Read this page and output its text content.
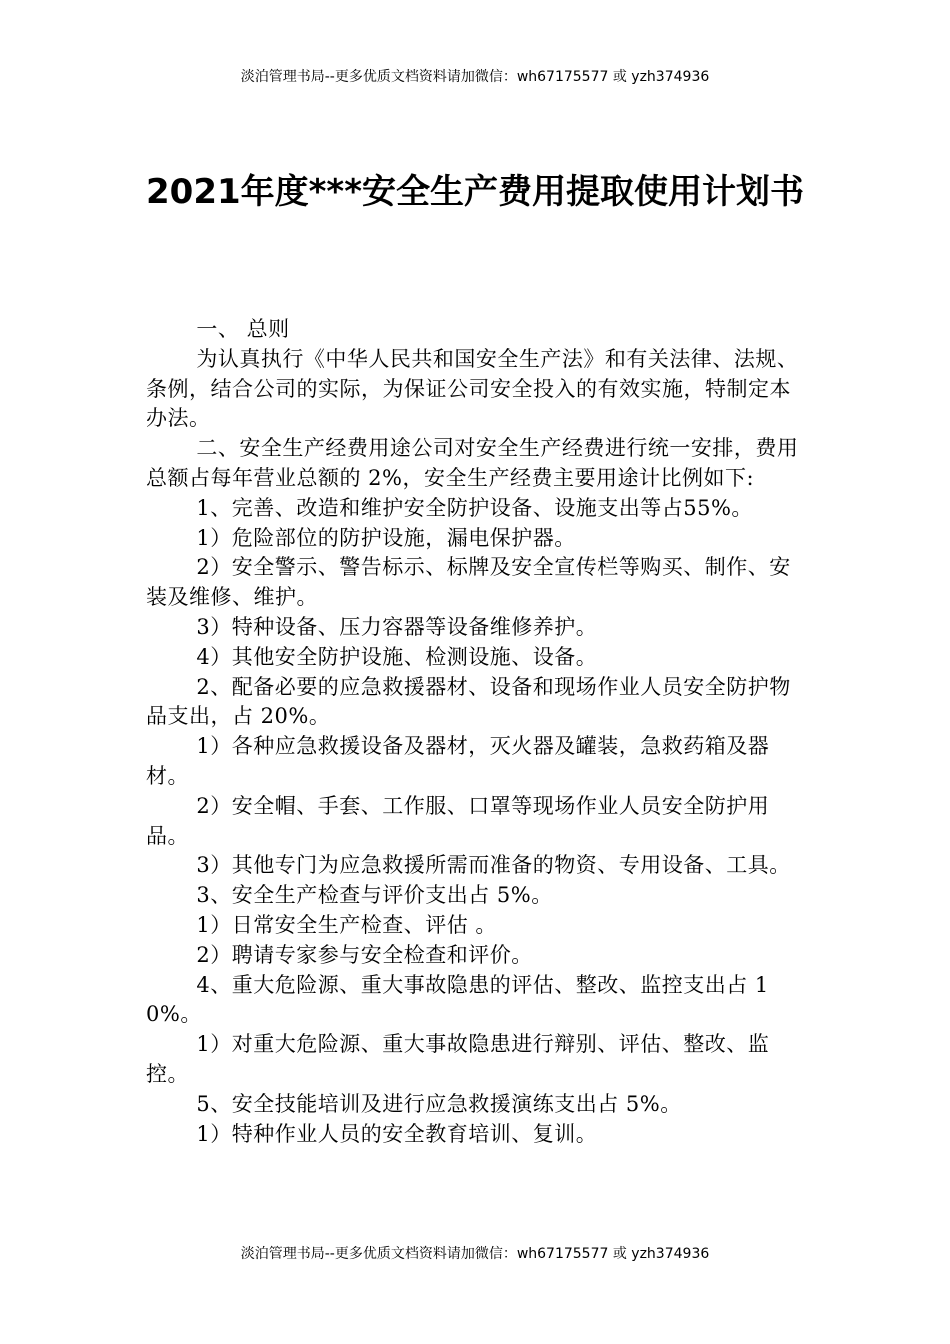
淡泊管理书局--更多优质文档资料请加微信：wh67175577 或 yzh374936
2021年度***安全生产费用提取使用计划书

一、 总则

为认真执行《中华人民共和国安全生产法》和有关法律、法规、条例，结合公司的实际，为保证公司安全投入的有效实施，特制定本办法。

二、安全生产经费用途公司对安全生产经费进行统一安排，费用总额占每年营业总额的 2%，安全生产经费主要用途计比例如下:

1、完善、改造和维护安全防护设备、设施支出等占55%。

1）危险部位的防护设施，漏电保护器。

2）安全警示、警告标示、标牌及安全宣传栏等购买、制作、安装及维修、维护。

3）特种设备、压力容器等设备维修养护。

4）其他安全防护设施、检测设施、设备。

2、配备必要的应急救援器材、设备和现场作业人员安全防护物品支出，占 20%。

1）各种应急救援设备及器材，灭火器及罐装，急救药箱及器材。

2）安全帽、手套、工作服、口罩等现场作业人员安全防护用品。

3）其他专门为应急救援所需而准备的物资、专用设备、工具。

3、安全生产检查与评价支出占 5%。

1）日常安全生产检查、评估 。

2）聘请专家参与安全检查和评价。

4、重大危险源、重大事故隐患的评估、整改、监控支出占 10%。

1）对重大危险源、重大事故隐患进行辩别、评估、整改、监控。

5、安全技能培训及进行应急救援演练支出占 5%。

1）特种作业人员的安全教育培训、复训。

淡泊管理书局--更多优质文档资料请加微信：wh67175577 或 yzh374936
